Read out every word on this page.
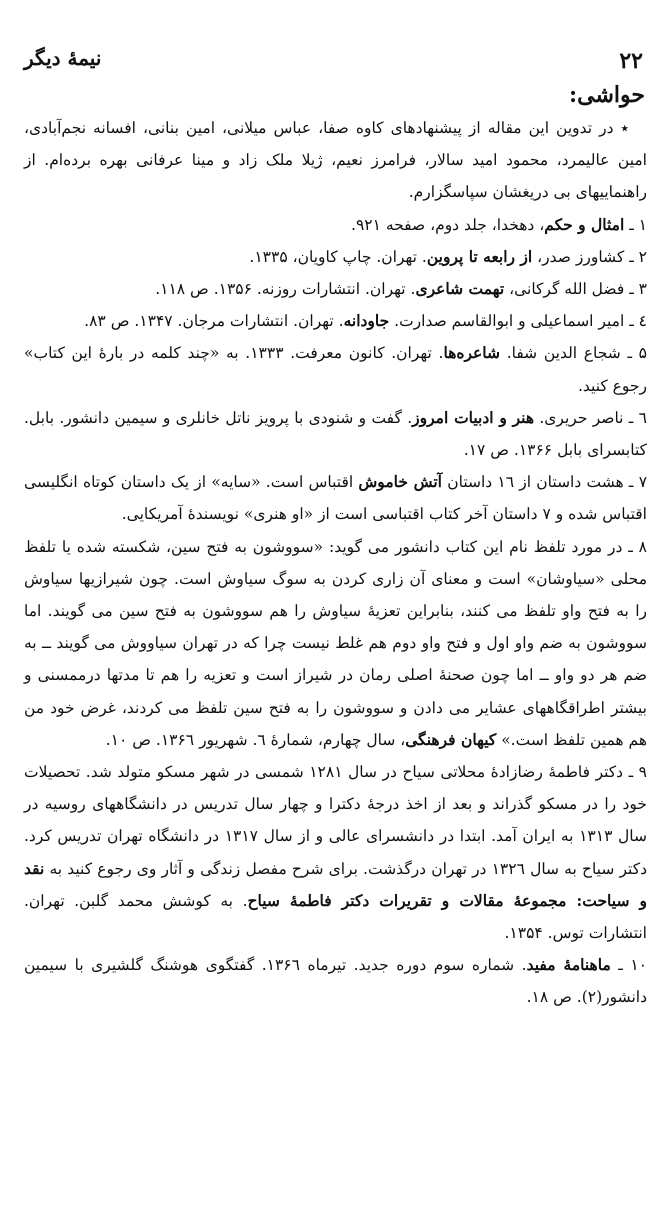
۲۲
نیمهٔ دیگر
حواشی:

٭ در تدوین این مقاله از پیشنهادهای کاوه صفا، عباس میلانی، امین بنانی، افسانه نجم‌آبادی، امین عالیمرد، محمود امید سالار، فرامرز نعیم، ژیلا ملک زاد و مینا عرفانی بهره برده‌ام. از راهنماییهای بی دریغشان سپاسگزارم.

۱ ـ امثال و حکم، دهخدا، جلد دوم، صفحه ۹۲۱.

۲ ـ کشاورز صدر، از رابعه تا پروین. تهران. چاپ کاویان، ۱۳۳۵.

۳ ـ فضل الله گرکانی، تهمت شاعری. تهران. انتشارات روزنه. ۱۳۵۶. ص ۱۱۸.

٤ ـ امیر اسماعیلی و ابوالقاسم صدارت. جاودانه. تهران. انتشارات مرجان. ۱۳۴۷. ص ۸۳.

۵ ـ شجاع الدین شفا. شاعره‌ها. تهران. کانون معرفت. ۱۳۳۳. به «چند کلمه در بارهٔ این کتاب» رجوع کنید.

٦ ـ ناصر حریری. هنر و ادبیات امروز. گفت و شنودی با پرویز ناتل خانلری و سیمین دانشور. بابل. کتابسرای بابل ۱۳۶۶. ص ۱۷.

۷ ـ هشت داستان از ۱٦ داستان آتش خاموش اقتباس است. «سایه» از یک داستان کوتاه انگلیسی اقتباس شده و ۷ داستان آخر کتاب اقتباسی است از «او هنری» نویسندهٔ آمریکایی.

۸ ـ در مورد تلفظ نام این کتاب دانشور می گوید: «سووشون به فتح سین، شکسته شده یا تلفظ محلی «سیاوشان» است و معنای آن زاری کردن به سوگ سیاوش است. چون شیرازیها سیاوش را به فتح واو تلفظ می کنند، بنابراین تعزیهٔ سیاوش را هم سووشون به فتح سین می گویند. اما سووشون به ضم واو اول و فتح واو دوم هم غلط نیست چرا که در تهران سیاووش می گویند ــ به ضم هر دو واو ــ اما چون صحنهٔ اصلی رمان در شیراز است و تعزیه را هم تا مدتها درممسنی و بیشتر اطراقگاههای عشایر می دادن و سووشون را به فتح سین تلفظ می کردند، غرض خود من هم همین تلفظ است.» کیهان فرهنگی، سال چهارم، شمارهٔ ٦. شهریور ۱۳۶٦. ص ۱۰.

۹ ـ دکتر فاطمهٔ رضازادهٔ محلاتی سیاح در سال ۱۲۸۱ شمسی در شهر مسکو متولد شد. تحصیلات خود را در مسکو گذراند و بعد از اخذ درجهٔ دکترا و چهار سال تدریس در دانشگاههای روسیه در سال ۱۳۱۳ به ایران آمد. ابتدا در دانشسرای عالی و از سال ۱۳۱۷ در دانشگاه تهران تدریس کرد. دکتر سیاح به سال ۱۳۲٦ در تهران درگذشت. برای شرح مفصل زندگی و آثار وی رجوع کنید به نقد و سیاحت: مجموعهٔ مقالات و تقریرات دکتر فاطمهٔ سیاح. به کوشش محمد گلبن. تهران. انتشارات توس. ۱۳۵۴.

۱۰ ـ ماهنامهٔ مفید. شماره سوم دوره جدید. تیرماه ۱۳۶٦. گفتگوی هوشنگ گلشیری با سیمین دانشور(۲). ص ۱۸.
